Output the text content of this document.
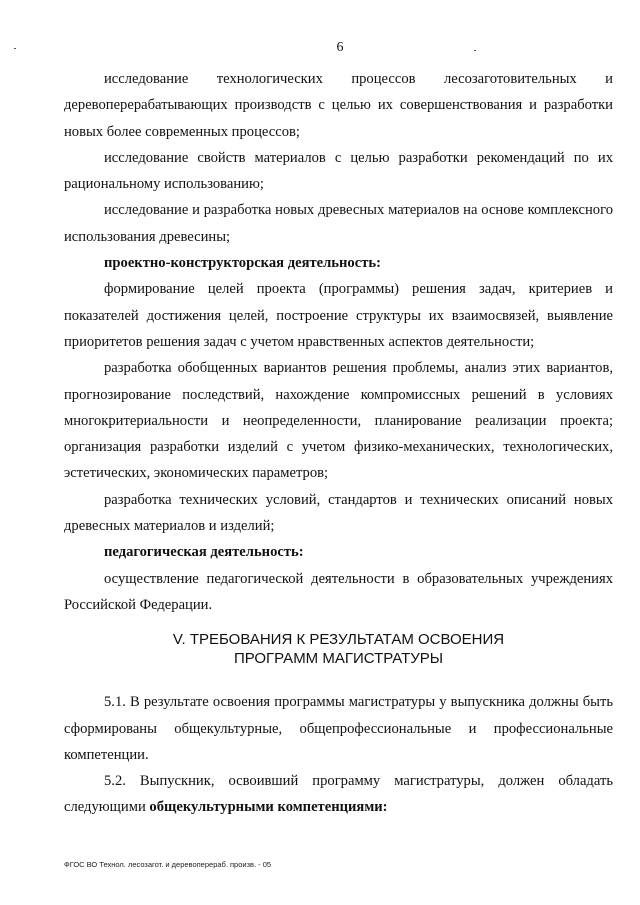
6

исследование технологических процессов лесозаготовительных и деревоперерабатывающих производств с целью их совершенствования и разработки новых более современных процессов;

исследование свойств материалов с целью разработки рекомендаций по их рациональному использованию;

исследование и разработка новых древесных материалов на основе комплексного использования древесины;

проектно-конструкторская деятельность:

формирование целей проекта (программы) решения задач, критериев и показателей достижения целей, построение структуры их взаимосвязей, выявление приоритетов решения задач с учетом нравственных аспектов деятельности;

разработка обобщенных вариантов решения проблемы, анализ этих вариантов, прогнозирование последствий, нахождение компромиссных решений в условиях многокритериальности и неопределенности, планирование реализации проекта; организация разработки изделий с учетом физико-механических, технологических, эстетических, экономических параметров;

разработка технических условий, стандартов и технических описаний новых древесных материалов и изделий;

педагогическая деятельность:

осуществление педагогической деятельности в образовательных учреждениях Российской Федерации.

V. ТРЕБОВАНИЯ К РЕЗУЛЬТАТАМ ОСВОЕНИЯ
ПРОГРАММ МАГИСТРАТУРЫ

5.1. В результате освоения программы магистратуры у выпускника должны быть сформированы общекультурные, общепрофессиональные и профессиональные компетенции.

5.2. Выпускник, освоивший программу магистратуры, должен обладать следующими общекультурными компетенциями:

ФГОС ВО Технол. лесозагот. и деревоперераб. произв. - 05
